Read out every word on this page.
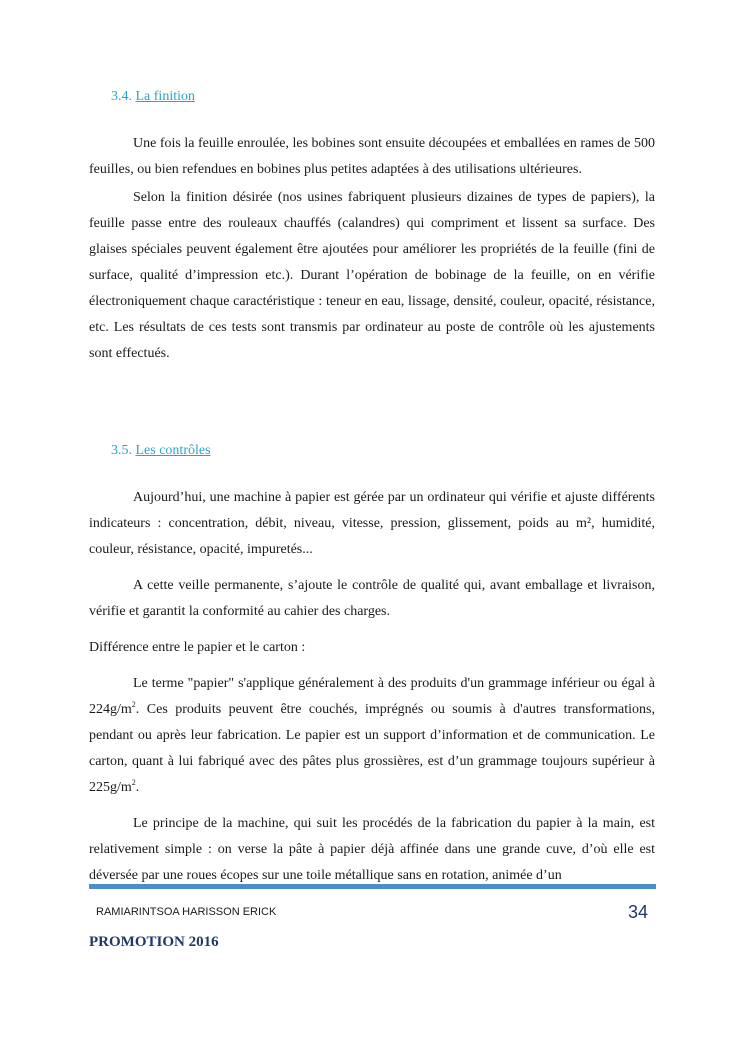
3.4. La finition

Une fois la feuille enroulée, les bobines sont ensuite découpées et emballées en rames de 500 feuilles, ou bien refendues en bobines plus petites adaptées à des utilisations ultérieures.

Selon la finition désirée (nos usines fabriquent plusieurs dizaines de types de papiers), la feuille passe entre des rouleaux chauffés (calandres) qui compriment et lissent sa surface. Des glaises spéciales peuvent également être ajoutées pour améliorer les propriétés de la feuille (fini de surface, qualité d’impression etc.). Durant l’opération de bobinage de la feuille, on en vérifie électroniquement chaque caractéristique : teneur en eau, lissage, densité, couleur, opacité, résistance, etc. Les résultats de ces tests sont transmis par ordinateur au poste de contrôle où les ajustements sont effectués.

3.5. Les contrôles

Aujourd’hui, une machine à papier est gérée par un ordinateur qui vérifie et ajuste différents indicateurs : concentration, débit, niveau, vitesse, pression, glissement, poids au m², humidité, couleur, résistance, opacité, impuretés...

A cette veille permanente, s’ajoute le contrôle de qualité qui, avant emballage et livraison, vérifie et garantit la conformité au cahier des charges.

Différence entre le papier et le carton :

Le terme "papier" s'applique généralement à des produits d'un grammage inférieur ou égal à $224g/m^2$. Ces produits peuvent être couchés, imprégnés ou soumis à d'autres transformations, pendant ou après leur fabrication. Le papier est un support d’information et de communication. Le carton, quant à lui fabriqué avec des pâtes plus grossières, est d’un grammage toujours supérieur à $225g/m^2$.

Le principe de la machine, qui suit les procédés de la fabrication du papier à la main, est relativement simple : on verse la pâte à papier déjà affinée dans une grande cuve, d’où elle est déversée par une roues écopes sur une toile métallique sans en rotation, animée d’un

RAMIARINTSOA HARISSON ERICK	34
PROMOTION 2016
